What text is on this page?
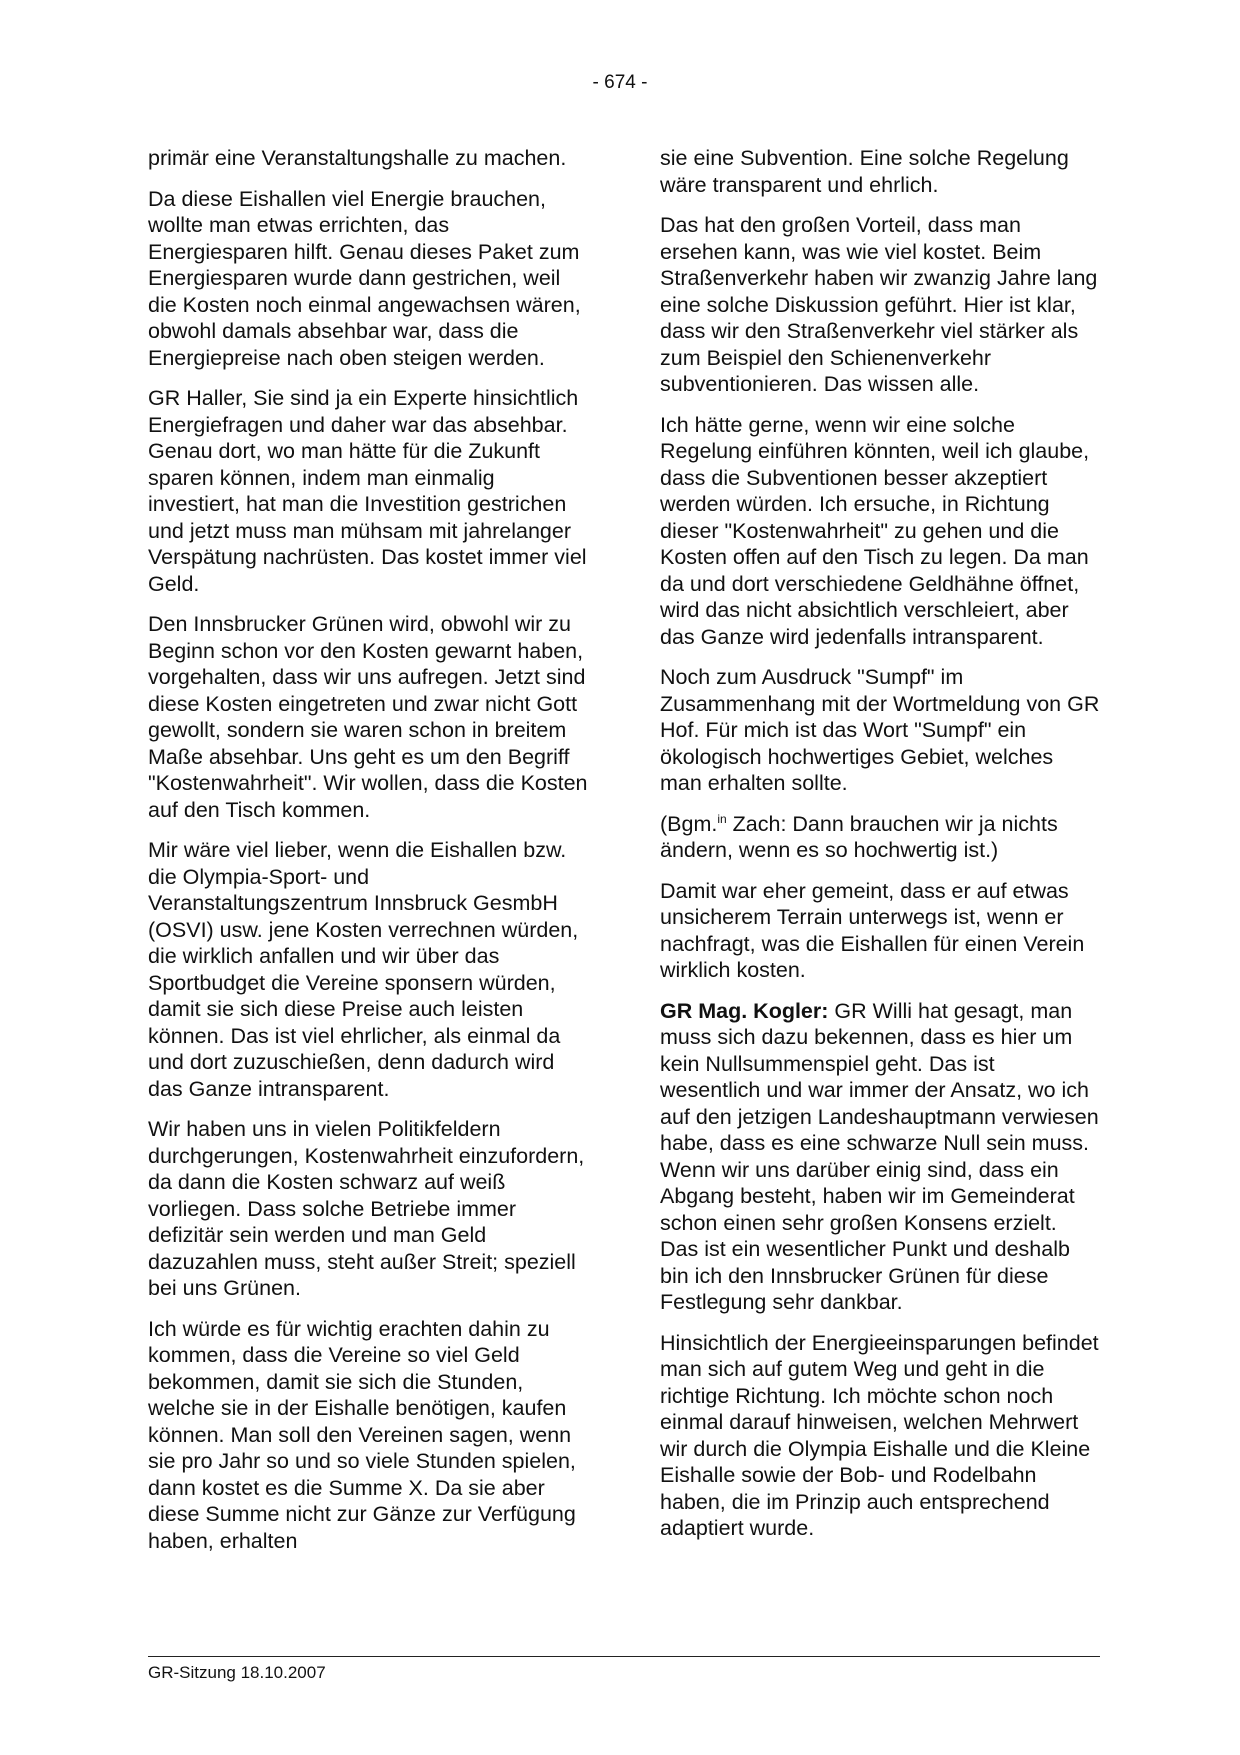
- 674 -

primär eine Veranstaltungshalle zu machen.

Da diese Eishallen viel Energie brauchen, wollte man etwas errichten, das Energiesparen hilft. Genau dieses Paket zum Energiesparen wurde dann gestrichen, weil die Kosten noch einmal angewachsen wären, obwohl damals absehbar war, dass die Energiepreise nach oben steigen werden.

GR Haller, Sie sind ja ein Experte hinsichtlich Energiefragen und daher war das absehbar. Genau dort, wo man hätte für die Zukunft sparen können, indem man einmalig investiert, hat man die Investition gestrichen und jetzt muss man mühsam mit jahrelanger Verspätung nachrüsten. Das kostet immer viel Geld.

Den Innsbrucker Grünen wird, obwohl wir zu Beginn schon vor den Kosten gewarnt haben, vorgehalten, dass wir uns aufregen. Jetzt sind diese Kosten eingetreten und zwar nicht Gott gewollt, sondern sie waren schon in breitem Maße absehbar. Uns geht es um den Begriff "Kostenwahrheit". Wir wollen, dass die Kosten auf den Tisch kommen.

Mir wäre viel lieber, wenn die Eishallen bzw. die Olympia-Sport- und Veranstaltungszentrum Innsbruck GesmbH (OSVI) usw. jene Kosten verrechnen würden, die wirklich anfallen und wir über das Sportbudget die Vereine sponsern würden, damit sie sich diese Preise auch leisten können. Das ist viel ehrlicher, als einmal da und dort zuzuschießen, denn dadurch wird das Ganze intransparent.

Wir haben uns in vielen Politikfeldern durchgerungen, Kostenwahrheit einzufordern, da dann die Kosten schwarz auf weiß vorliegen. Dass solche Betriebe immer defizitär sein werden und man Geld dazuzahlen muss, steht außer Streit; speziell bei uns Grünen.

Ich würde es für wichtig erachten dahin zu kommen, dass die Vereine so viel Geld bekommen, damit sie sich die Stunden, welche sie in der Eishalle benötigen, kaufen können. Man soll den Vereinen sagen, wenn sie pro Jahr so und so viele Stunden spielen, dann kostet es die Summe X. Da sie aber diese Summe nicht zur Gänze zur Verfügung haben, erhalten

sie eine Subvention. Eine solche Regelung wäre transparent und ehrlich.

Das hat den großen Vorteil, dass man ersehen kann, was wie viel kostet. Beim Straßenverkehr haben wir zwanzig Jahre lang eine solche Diskussion geführt. Hier ist klar, dass wir den Straßenverkehr viel stärker als zum Beispiel den Schienenverkehr subventionieren. Das wissen alle.

Ich hätte gerne, wenn wir eine solche Regelung einführen könnten, weil ich glaube, dass die Subventionen besser akzeptiert werden würden. Ich ersuche, in Richtung dieser "Kostenwahrheit" zu gehen und die Kosten offen auf den Tisch zu legen. Da man da und dort verschiedene Geldhähne öffnet, wird das nicht absichtlich verschleiert, aber das Ganze wird jedenfalls intransparent.

Noch zum Ausdruck "Sumpf" im Zusammenhang mit der Wortmeldung von GR Hof. Für mich ist das Wort "Sumpf" ein ökologisch hochwertiges Gebiet, welches man erhalten sollte.

(Bgm.$^{in}$ Zach: Dann brauchen wir ja nichts ändern, wenn es so hochwertig ist.)

Damit war eher gemeint, dass er auf etwas unsicherem Terrain unterwegs ist, wenn er nachfragt, was die Eishallen für einen Verein wirklich kosten.

GR Mag. Kogler: GR Willi hat gesagt, man muss sich dazu bekennen, dass es hier um kein Nullsummenspiel geht. Das ist wesentlich und war immer der Ansatz, wo ich auf den jetzigen Landeshauptmann verwiesen habe, dass es eine schwarze Null sein muss. Wenn wir uns darüber einig sind, dass ein Abgang besteht, haben wir im Gemeinderat schon einen sehr großen Konsens erzielt. Das ist ein wesentlicher Punkt und deshalb bin ich den Innsbrucker Grünen für diese Festlegung sehr dankbar.

Hinsichtlich der Energieeinsparungen befindet man sich auf gutem Weg und geht in die richtige Richtung. Ich möchte schon noch einmal darauf hinweisen, welchen Mehrwert wir durch die Olympia Eishalle und die Kleine Eishalle sowie der Bob- und Rodelbahn haben, die im Prinzip auch entsprechend adaptiert wurde.

GR-Sitzung 18.10.2007
